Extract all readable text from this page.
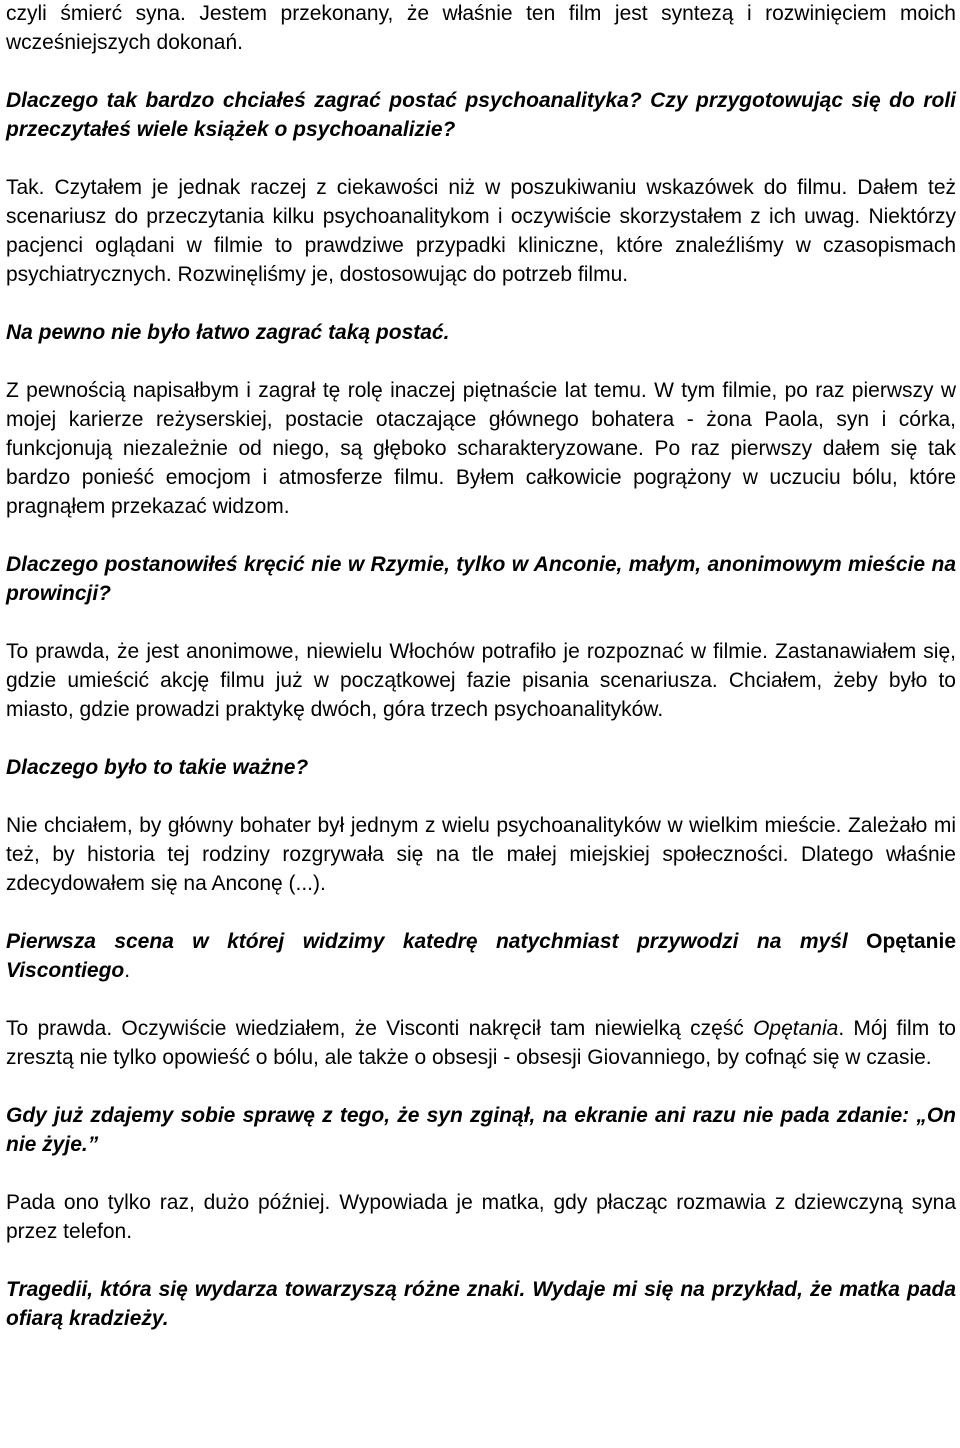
czyli śmierć syna. Jestem przekonany, że właśnie ten film jest syntezą i rozwinięciem moich wcześniejszych dokonań.

Dlaczego tak bardzo chciałeś zagrać postać psychoanalityka? Czy przygotowując się do roli przeczytałeś wiele książek o psychoanalizie?

Tak. Czytałem je jednak raczej z ciekawości niż w poszukiwaniu wskazówek do filmu. Dałem też scenariusz do przeczytania kilku psychoanalitykom i oczywiście skorzystałem z ich uwag. Niektórzy pacjenci oglądani w filmie to prawdziwe przypadki kliniczne, które znaleźliśmy w czasopismach psychiatrycznych. Rozwinęliśmy je, dostosowując do potrzeb filmu.

Na pewno nie było łatwo zagrać taką postać.

Z pewnością napisałbym i zagrał tę rolę inaczej piętnaście lat temu. W tym filmie, po raz pierwszy w mojej karierze reżyserskiej, postacie otaczające głównego bohatera - żona Paola, syn i córka, funkcjonują niezależnie od niego, są głęboko scharakteryzowane. Po raz pierwszy dałem się tak bardzo ponieść emocjom i atmosferze filmu. Byłem całkowicie pogrążony w uczuciu bólu, które pragnąłem przekazać widzom.

Dlaczego postanowiłeś kręcić nie w Rzymie, tylko w Anconie, małym, anonimowym mieście na prowincji?

To prawda, że jest anonimowe, niewielu Włochów potrafiło je rozpoznać w filmie. Zastanawiałem się, gdzie umieścić akcję filmu już w początkowej fazie pisania scenariusza. Chciałem, żeby było to miasto, gdzie prowadzi praktykę dwóch, góra trzech psychoanalityków.

Dlaczego było to takie ważne?

Nie chciałem, by główny bohater był jednym z wielu psychoanalityków w wielkim mieście. Zależało mi też, by historia tej rodziny rozgrywała się na tle małej miejskiej społeczności. Dlatego właśnie zdecydowałem się na Anconę (...).

Pierwsza scena w której widzimy katedrę natychmiast przywodzi na myśl Opętanie Viscontiego.

To prawda. Oczywiście wiedziałem, że Visconti nakręcił tam niewielką część Opętania. Mój film to zresztą nie tylko opowieść o bólu, ale także o obsesji - obsesji Giovanniego, by cofnąć się w czasie.

Gdy już zdajemy sobie sprawę z tego, że syn zginął, na ekranie ani razu nie pada zdanie: „On nie żyje.”

Pada ono tylko raz, dużo później. Wypowiada je matka, gdy płacząc rozmawia z dziewczyną syna przez telefon.

Tragedii, która się wydarza towarzyszą różne znaki. Wydaje mi się na przykład, że matka pada ofiarą kradzieży.
